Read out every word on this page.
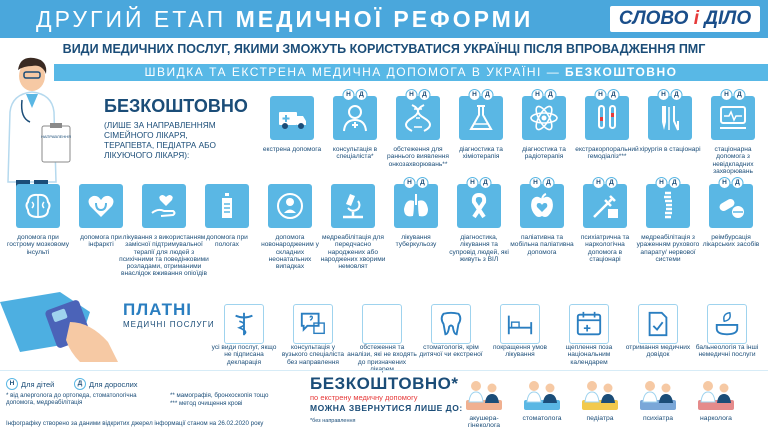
ДРУГИЙ ЕТАП МЕДИЧНОЇ РЕФОРМИ	СЛОВО і ДІЛО
ВИДИ МЕДИЧНИХ ПОСЛУГ, ЯКИМИ ЗМОЖУТЬ КОРИСТУВАТИСЯ УКРАЇНЦІ ПІСЛЯ ВПРОВАДЖЕННЯ ПМГ
ШВИДКА ТА ЕКСТРЕНА МЕДИЧНА ДОПОМОГА В УКРАЇНІ — БЕЗКОШТОВНО
НАПРАВЛЕННЯ
БЕЗКОШТОВНО
(ЛИШЕ ЗА НАПРАВЛЕННЯМ СІМЕЙНОГО ЛІКАРЯ, ТЕРАПЕВТА, ПЕДІАТРА АБО ЛІКУЮЧОГО ЛІКАРЯ):
екстрена допомога
Н	Д
консультація в спеціаліста*
Н	Д
обстеження для раннього виявлення онкозахворювань**
Н	Д
діагностика та хіміотерапія
Н	Д
діагностика та радіотерапія
Н	Д
екстракорпоральний гемодіаліз***
Н	Д
хірургія в стаціонарі
Н	Д
стаціонарна допомога з невідкладних захворювань
допомога при гострому мозковому інсульті
допомога при інфаркті
лікування з використанням замісної підтримувальної терапії для людей з психічними та поведінковими розладами, отриманими внаслідок вживання опіоїдів
допомога при пологах
допомога новонародженим у складних неонатальних випадках
медреабілітація для передчасно народжених або народжених хворими немовлят
Н	Д
лікування туберкульозу
Н	Д
діагностика, лікування та супровід людей, які живуть з ВІЛ
Н	Д
паліативна та мобільна паліативна допомога
Н	Д
психіатрична та наркологічна допомога в стаціонарі
Н	Д
медреабілітація з ураженням рухового апарату/ нервової системи
Н	Д
реімбурсація лікарських засобів
ПЛАТНІ
МЕДИЧНІ ПОСЛУГИ
усі види послуг, якщо не підписана декларація
консультація у вузького спеціаліста без направлення
обстеження та аналізи, які не входять до призначених
стоматологія, крім дитячої чи екстреної
покращення умов лікування
щеплення поза національним календарем
отримання медичних довідок
бальнеологія та інші немедичні послуги
Н Для дітей	Д Для дорослих
* від алерголога до ортопеда, стоматологічна допомога, медреабілітація
** мамографія, бронхоскопія тощо
*** метод очищення крові
Інфографіку створено за даними відкритих джерел інформації станом на 26.02.2020 року
БЕЗКОШТОВНО*
по екстрену медичну допомогу
МОЖНА ЗВЕРНУТИСЯ ЛИШЕ ДО:
*без направлення	акушера-гінеколога
стоматолога	педіатра	психіатра	нарколога
